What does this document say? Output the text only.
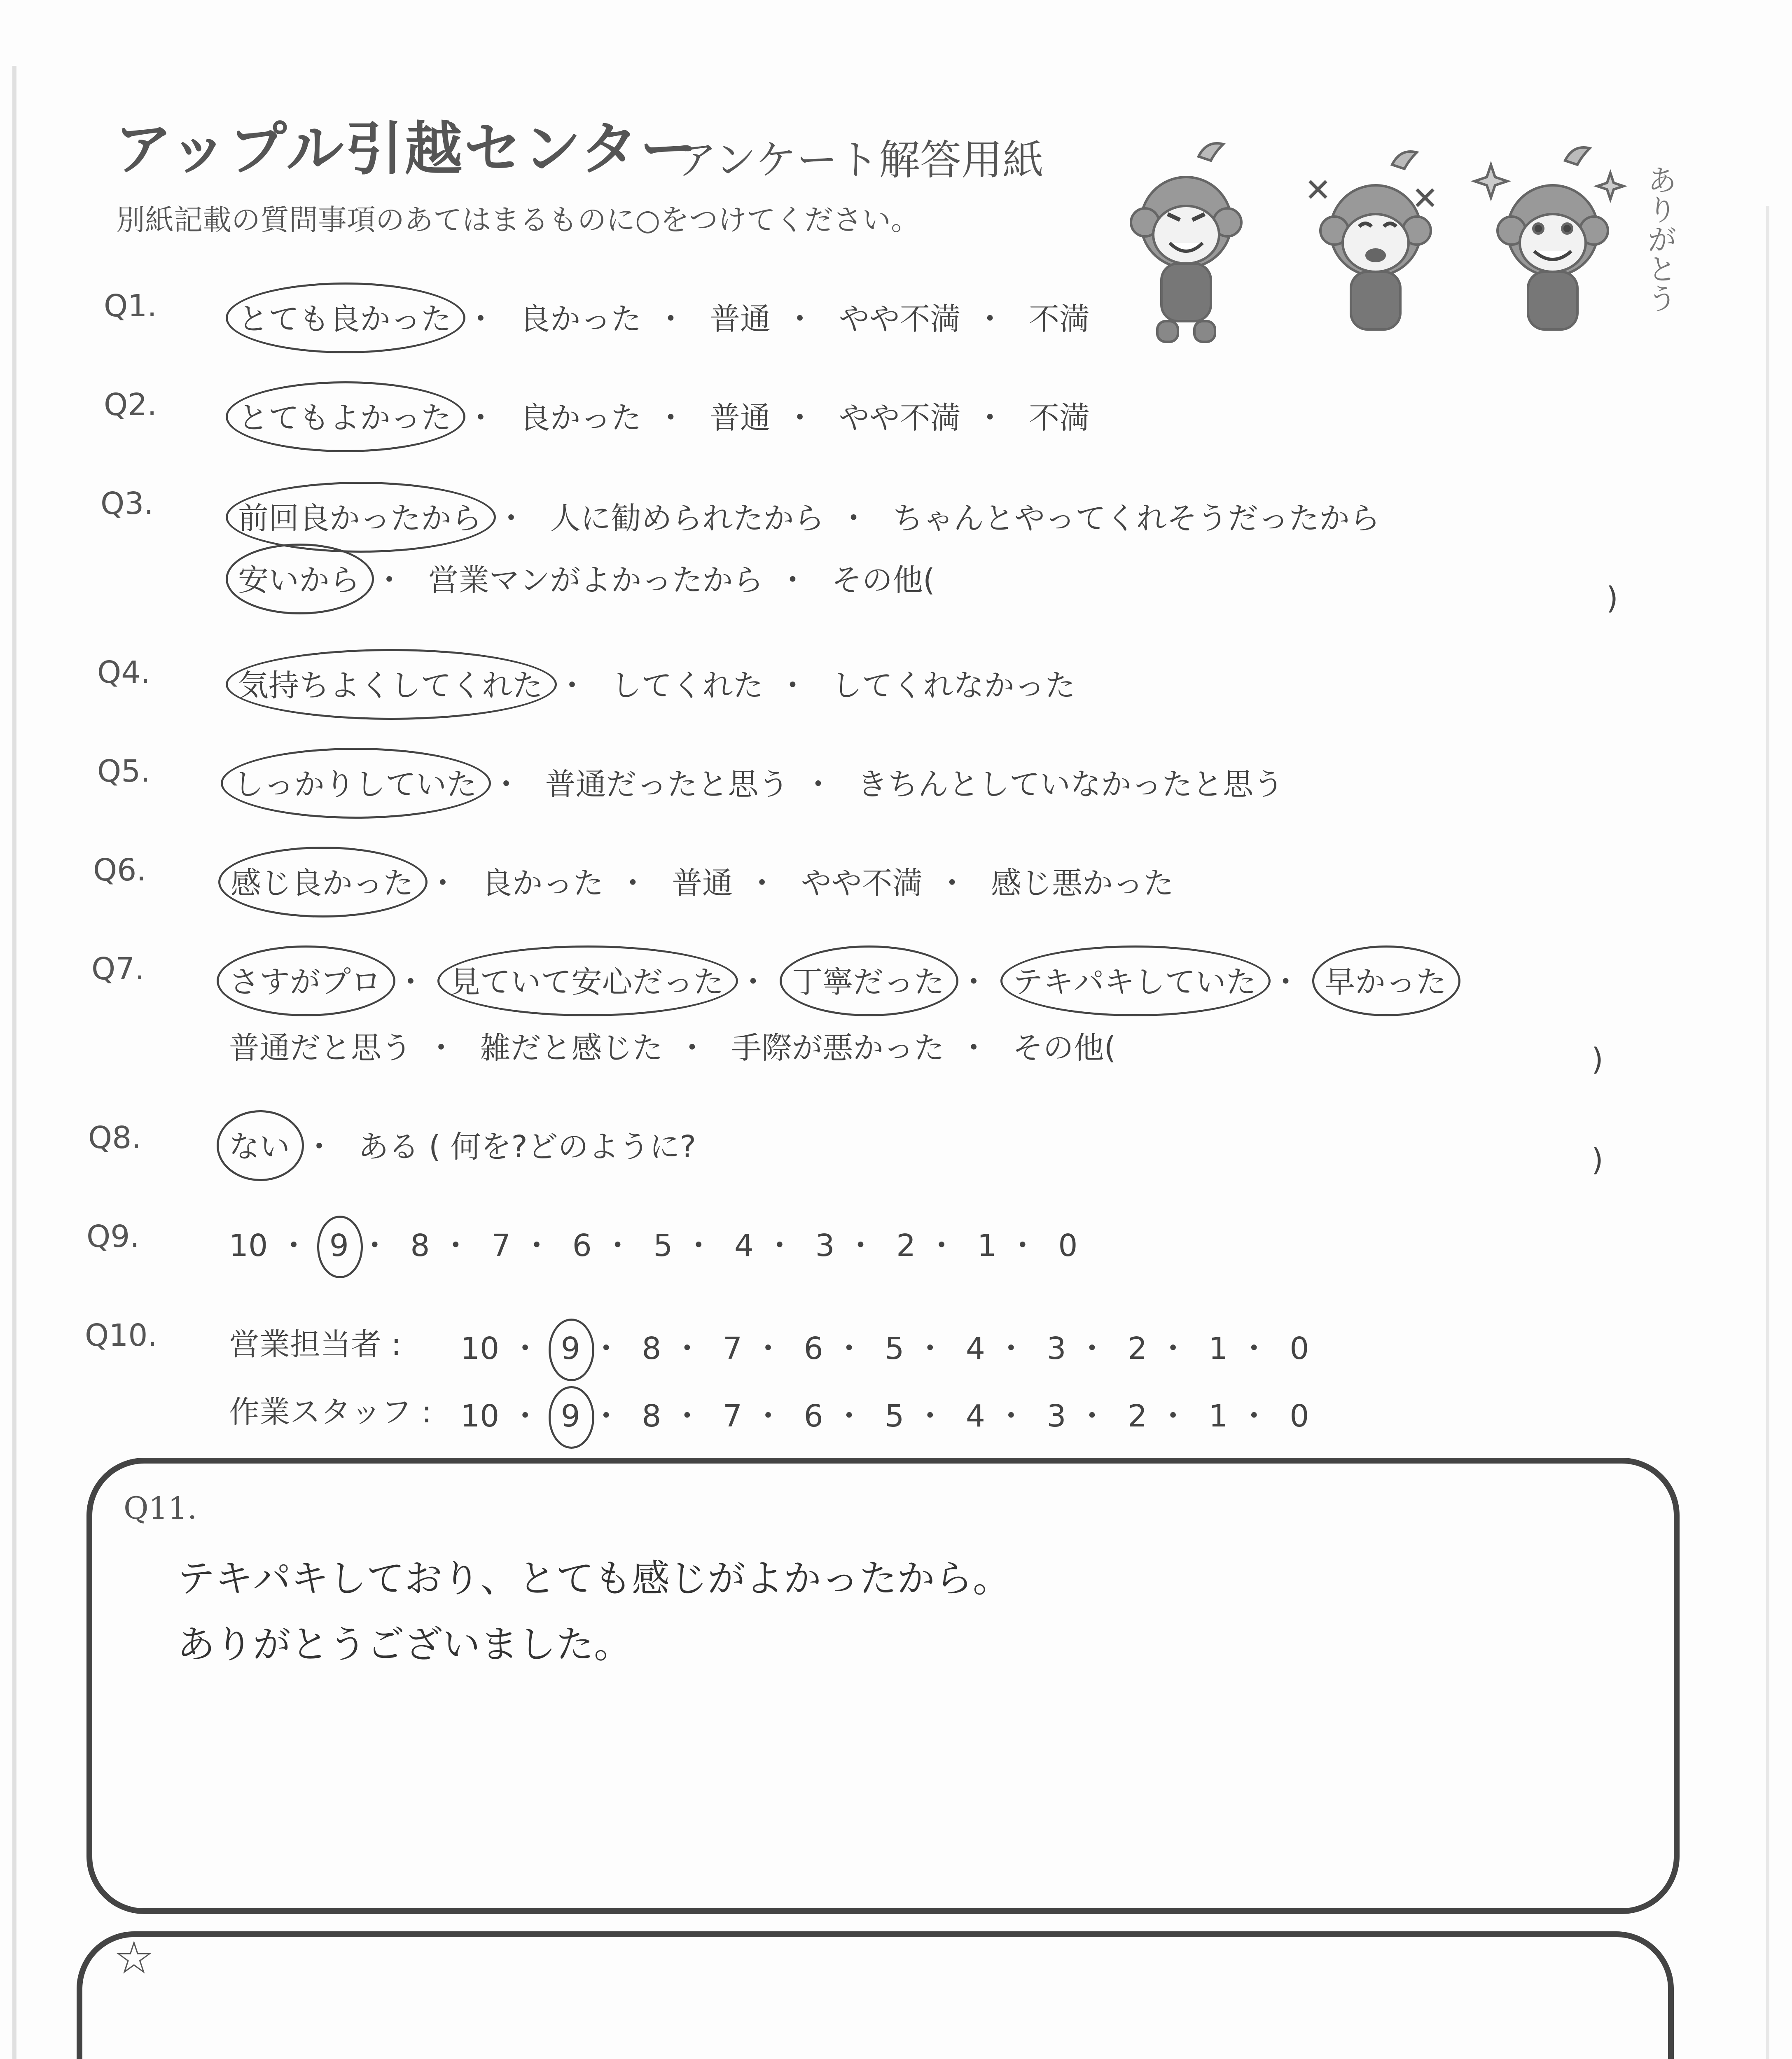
アップル引越センター
アンケート解答用紙
別紙記載の質問事項のあてはまるものに○をつけてください。	ありがとう
Q1.	とても良かった ・ 良かった ・ 普通 ・ やや不満 ・ 不満
Q2.	とてもよかった ・ 良かった ・ 普通 ・ やや不満 ・ 不満
Q3.	前回良かったから ・ 人に勧められたから ・ ちゃんとやってくれそうだったから
安いから ・ 営業マンがよかったから ・ その他(
)
Q4.	気持ちよくしてくれた ・ してくれた ・ してくれなかった
Q5.	しっかりしていた ・ 普通だったと思う ・ きちんとしていなかったと思う
Q6.	感じ良かった ・ 良かった ・ 普通 ・ やや不満 ・ 感じ悪かった
Q7.	さすがプロ ・ 見ていて安心だった ・ 丁寧だった ・ テキパキしていた ・ 早かった
普通だと思う ・ 雑だと感じた ・ 手際が悪かった ・ その他(	)
Q8.	ない ・ ある ( 何を?どのように?	)
Q9.	10 ・ 9 ・ 8 ・ 7 ・ 6 ・ 5 ・ 4 ・ 3 ・ 2 ・ 1 ・ 0
Q10. 営業担当者 : 10 ・ 9 ・ 8 ・ 7 ・ 6 ・ 5 ・ 4 ・ 3 ・ 2 ・ 1 ・ 0
作業スタッフ : 10 ・ 9 ・ 8 ・ 7 ・ 6 ・ 5 ・ 4 ・ 3 ・ 2 ・ 1 ・ 0
Q11.
テキパキしており、とても感じがよかったから。
ありがとうございました。
☆
